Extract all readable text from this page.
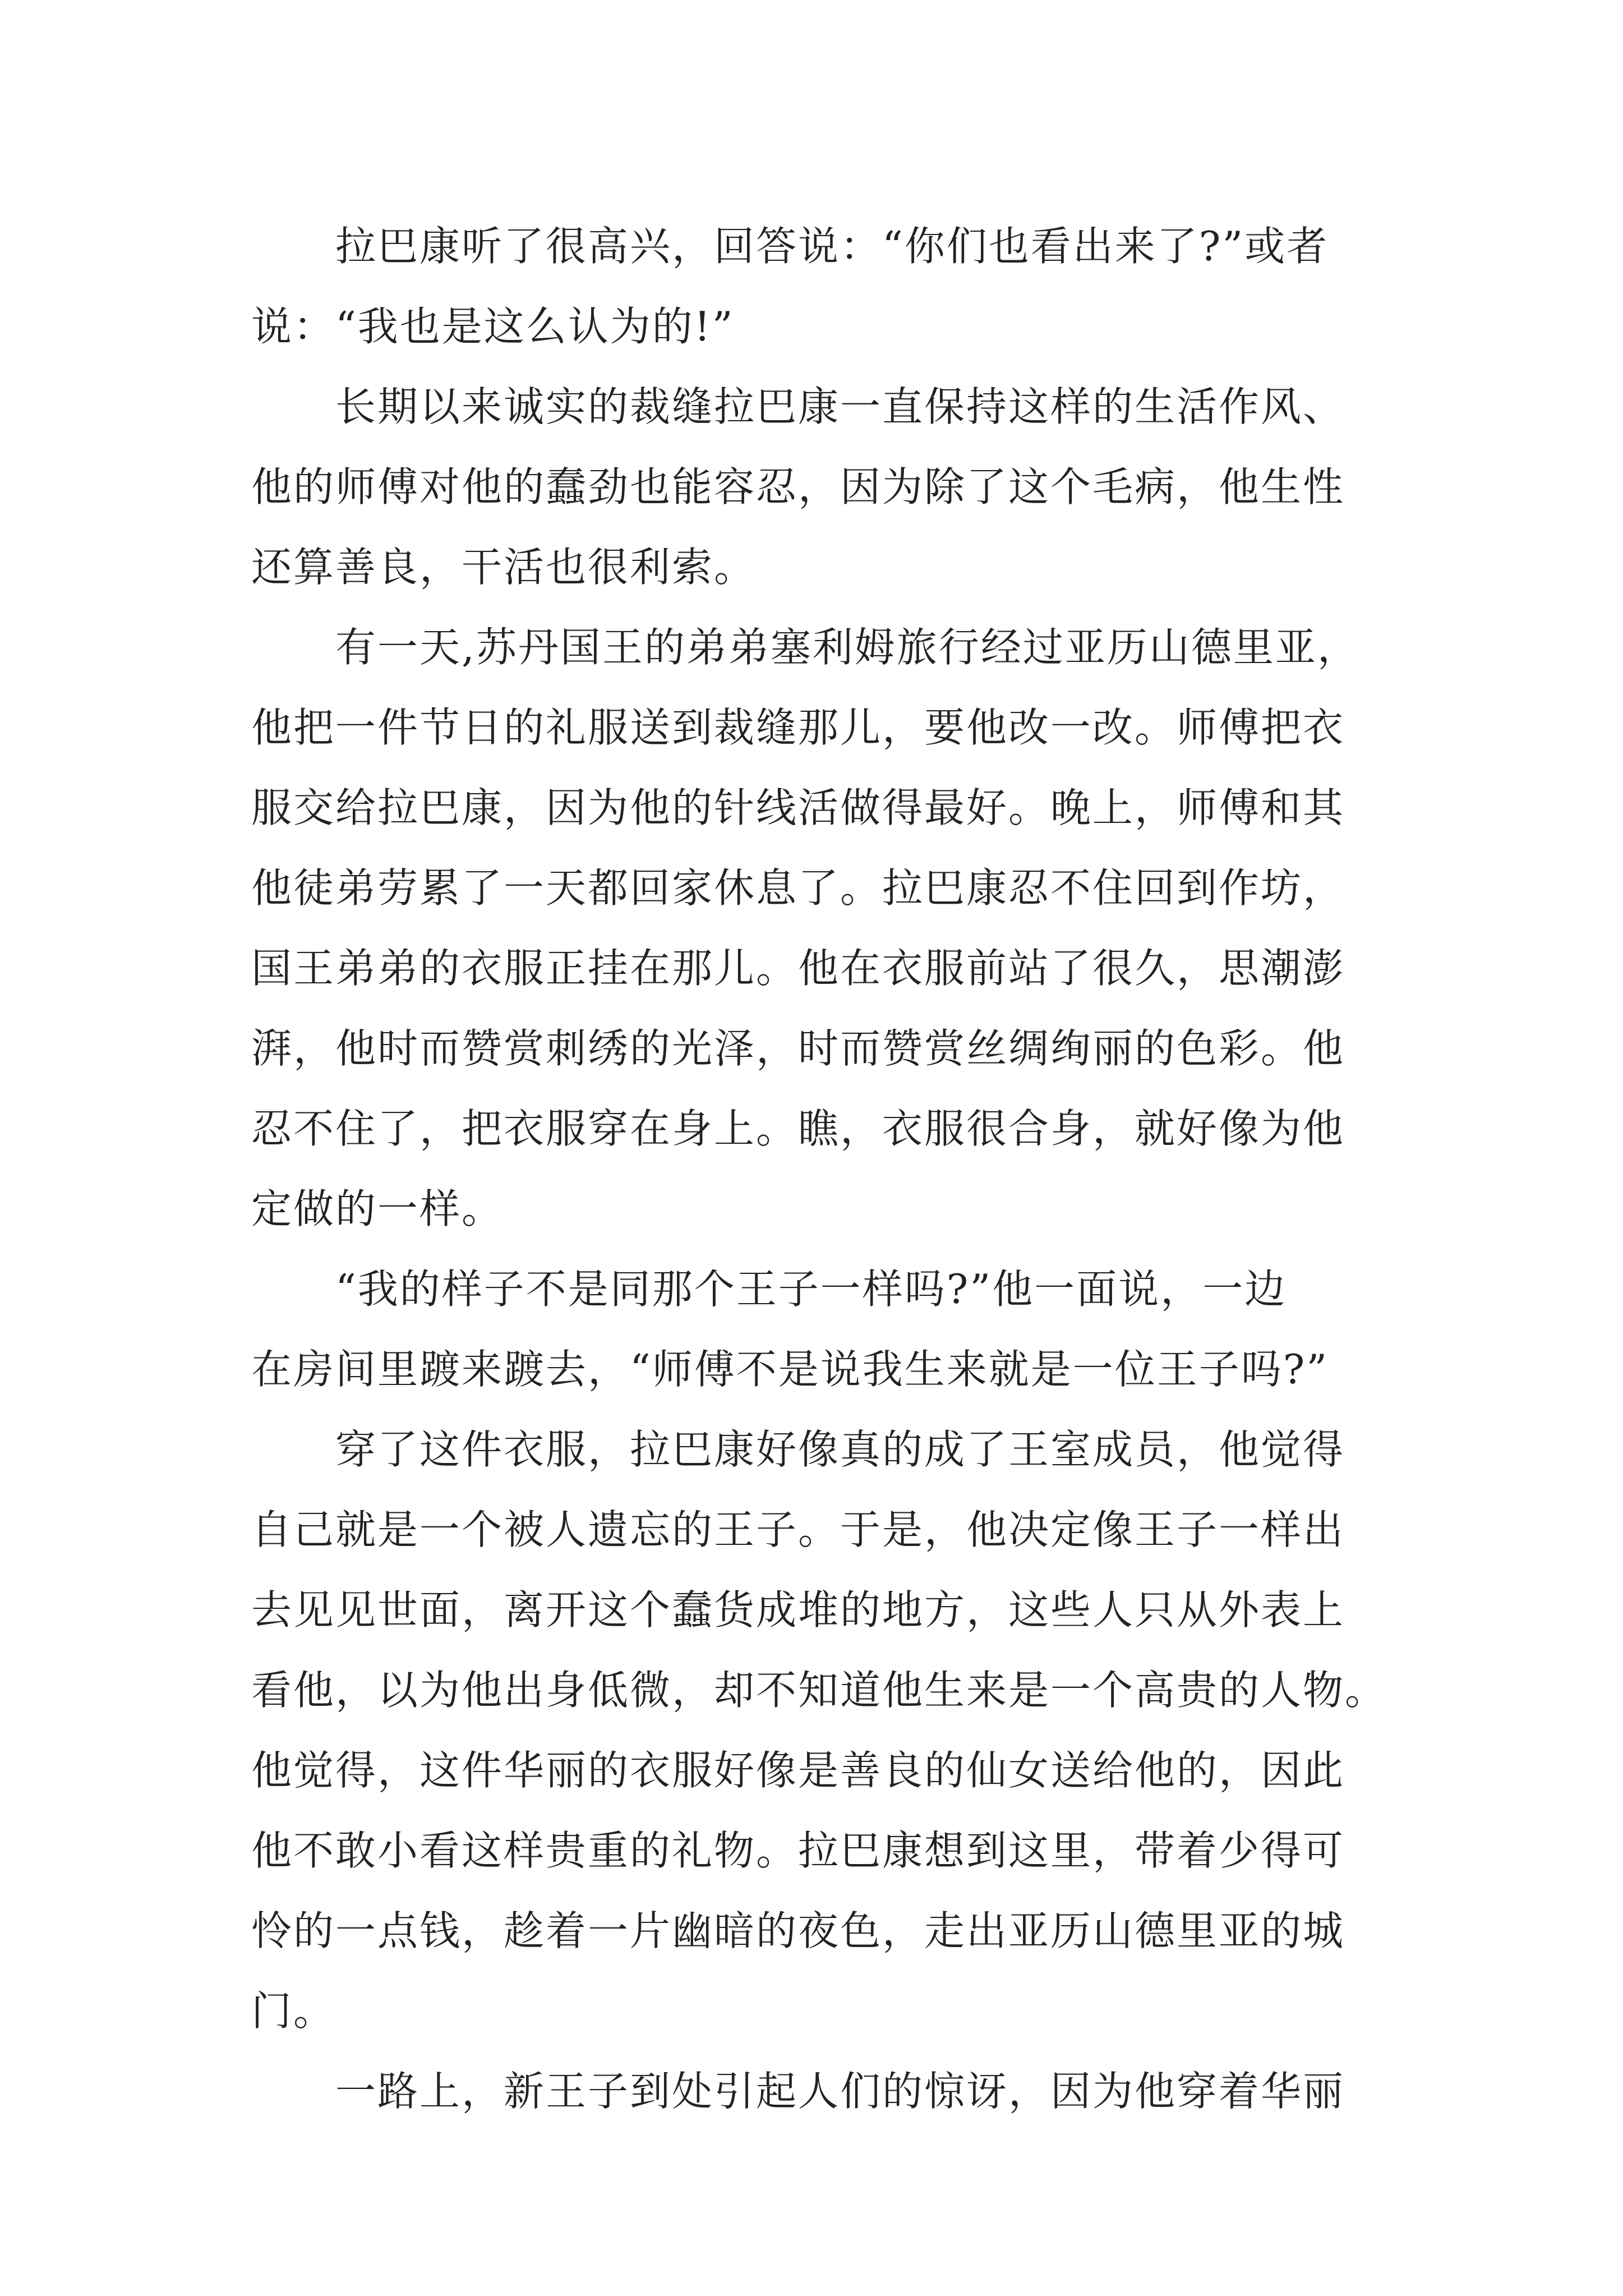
拉巴康听了很高兴，回答说：“你们也看出来了?”或者
说：“我也是这么认为的!”
长期以来诚实的裁缝拉巴康一直保持这样的生活作风、
他的师傅对他的蠢劲也能容忍，因为除了这个毛病，他生性
还算善良，干活也很利索。
有一天,苏丹国王的弟弟塞利姆旅行经过亚历山德里亚，
他把一件节日的礼服送到裁缝那儿，要他改一改。师傅把衣
服交给拉巴康，因为他的针线活做得最好。晚上，师傅和其
他徒弟劳累了一天都回家休息了。拉巴康忍不住回到作坊，
国王弟弟的衣服正挂在那儿。他在衣服前站了很久，思潮澎
湃，他时而赞赏刺绣的光泽，时而赞赏丝绸绚丽的色彩。他
忍不住了，把衣服穿在身上。瞧，衣服很合身，就好像为他
定做的一样。
“我的样子不是同那个王子一样吗?”他一面说，一边
在房间里踱来踱去，“师傅不是说我生来就是一位王子吗?”
穿了这件衣服，拉巴康好像真的成了王室成员，他觉得
自己就是一个被人遗忘的王子。于是，他决定像王子一样出
去见见世面，离开这个蠢货成堆的地方，这些人只从外表上
看他，以为他出身低微，却不知道他生来是一个高贵的人物。
他觉得，这件华丽的衣服好像是善良的仙女送给他的，因此
他不敢小看这样贵重的礼物。拉巴康想到这里，带着少得可
怜的一点钱，趁着一片幽暗的夜色，走出亚历山德里亚的城
门。
一路上，新王子到处引起人们的惊讶，因为他穿着华丽
